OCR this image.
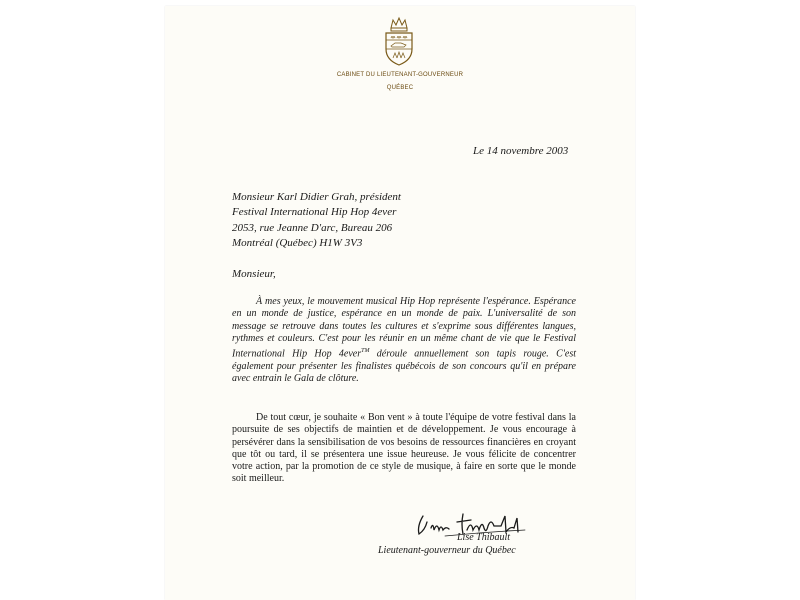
CABINET DU LIEUTENANT-GOUVERNEUR
QUÉBEC
Le 14 novembre 2003
Monsieur Karl Didier Grah, président
Festival International Hip Hop 4ever
2053, rue Jeanne D'arc, Bureau 206
Montréal (Québec) H1W 3V3
Monsieur,
À mes yeux, le mouvement musical Hip Hop représente l'espérance. Espérance en un monde de justice, espérance en un monde de paix. L'universalité de son message se retrouve dans toutes les cultures et s'exprime sous différentes langues, rythmes et couleurs. C'est pour les réunir en un même chant de vie que le Festival International Hip Hop 4ever™ déroule annuellement son tapis rouge. C'est également pour présenter les finalistes québécois de son concours qu'il en prépare avec entrain le Gala de clôture.
De tout cœur, je souhaite « Bon vent » à toute l'équipe de votre festival dans la poursuite de ses objectifs de maintien et de développement. Je vous encourage à persévérer dans la sensibilisation de vos besoins de ressources financières en croyant que tôt ou tard, il se présentera une issue heureuse. Je vous félicite de concentrer votre action, par la promotion de ce style de musique, à faire en sorte que le monde soit meilleur.
Lise Thibault
Lieutenant-gouverneur du Québec
